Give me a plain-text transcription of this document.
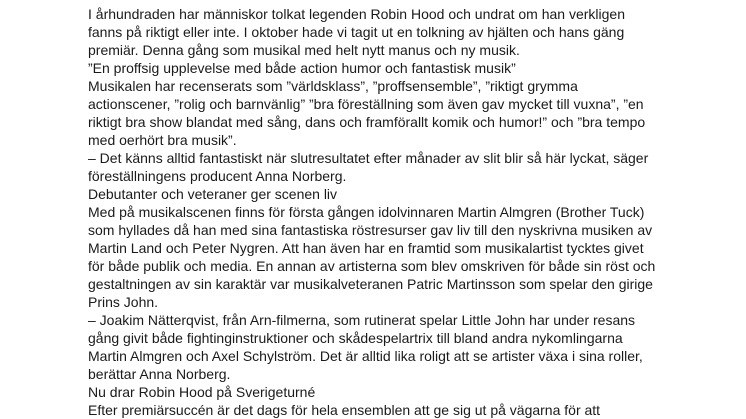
I århundraden har människor tolkat legenden Robin Hood och undrat om han verkligen
fanns på riktigt eller inte. I oktober hade vi tagit ut en tolkning av hjälten och hans gäng
premiär. Denna gång som musikal med helt nytt manus och ny musik.
”En proffsig upplevelse med både action humor och fantastisk musik”
Musikalen har recenserats som ”världsklass”, ”proffsensemble”, ”riktigt grymma
actionscener, ”rolig och barnvänlig” ”bra föreställning som även gav mycket till vuxna”, ”en
riktigt bra show blandat med sång, dans och framförallt komik och humor!” och ”bra tempo
med oerhört bra musik”.
– Det känns alltid fantastiskt när slutresultatet efter månader av slit blir så här lyckat, säger
föreställningens producent Anna Norberg.
Debutanter och veteraner ger scenen liv
Med på musikalscenen finns för första gången idolvinnaren Martin Almgren (Brother Tuck)
som hyllades då han med sina fantastiska röstresurser gav liv till den nyskrivna musiken av
Martin Land och Peter Nygren. Att han även har en framtid som musikalartist tycktes givet
för både publik och media. En annan av artisterna som blev omskriven för både sin röst och
gestaltningen av sin karaktär var musikalveteranen Patric Martinsson som spelar den girige
Prins John.
– Joakim Nätterqvist, från Arn-filmerna, som rutinerat spelar Little John har under resans
gång givit både fightinginstruktioner och skådespelartrix till bland andra nykomlingarna
Martin Almgren och Axel Schylström. Det är alltid lika roligt att se artister växa i sina roller,
berättar Anna Norberg.
Nu drar Robin Hood på Sverigeturné
Efter premiärsuccén är det dags för hela ensemblen att ge sig ut på vägarna för att
